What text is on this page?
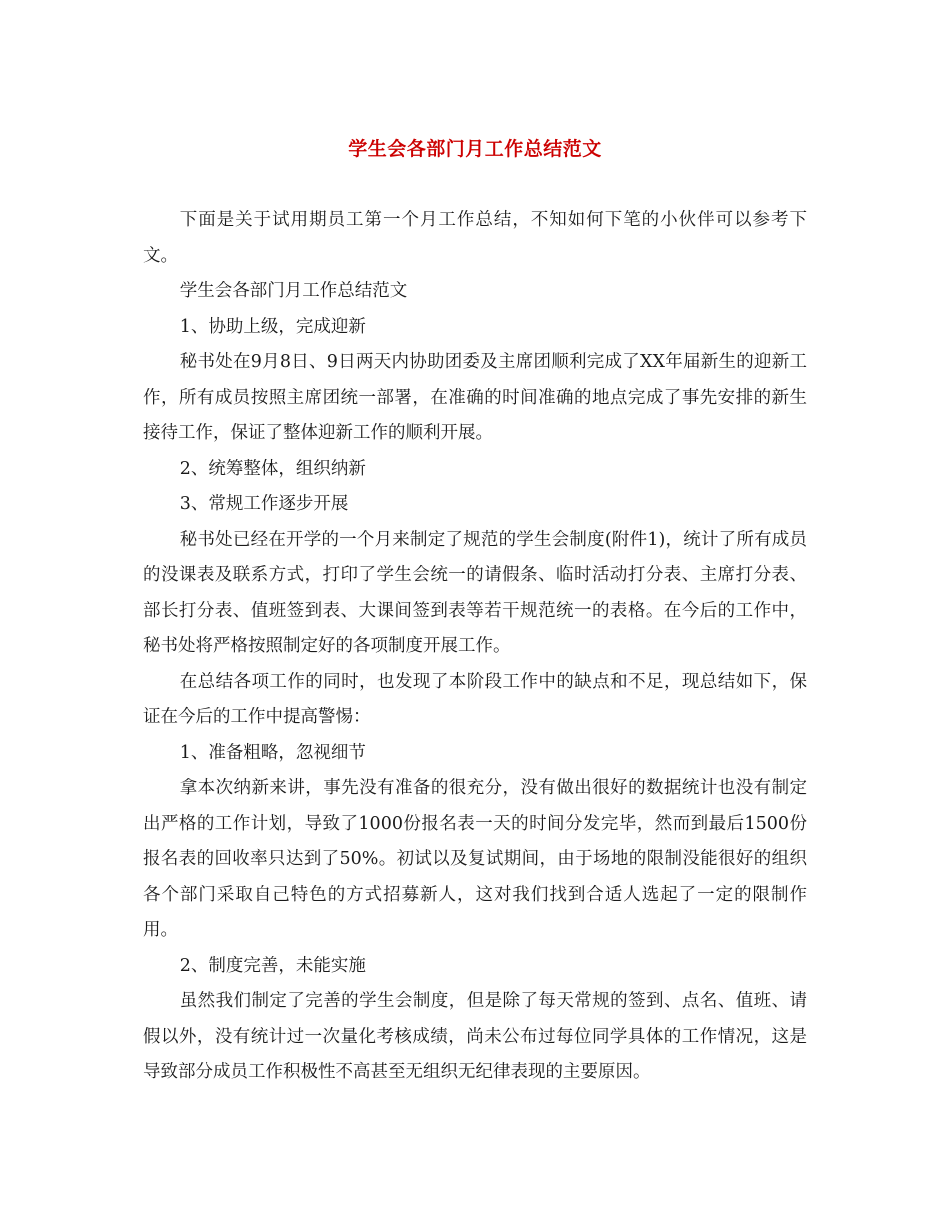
学生会各部门月工作总结范文

下面是关于试用期员工第一个月工作总结，不知如何下笔的小伙伴可以参考下文。

学生会各部门月工作总结范文

1、协助上级，完成迎新

秘书处在9月8日、9日两天内协助团委及主席团顺利完成了XX年届新生的迎新工作，所有成员按照主席团统一部署，在准确的时间准确的地点完成了事先安排的新生接待工作，保证了整体迎新工作的顺利开展。

2、统筹整体，组织纳新

3、常规工作逐步开展

秘书处已经在开学的一个月来制定了规范的学生会制度(附件1)，统计了所有成员的没课表及联系方式，打印了学生会统一的请假条、临时活动打分表、主席打分表、部长打分表、值班签到表、大课间签到表等若干规范统一的表格。在今后的工作中，秘书处将严格按照制定好的各项制度开展工作。

在总结各项工作的同时，也发现了本阶段工作中的缺点和不足，现总结如下，保证在今后的工作中提高警惕：

1、准备粗略，忽视细节

拿本次纳新来讲，事先没有准备的很充分，没有做出很好的数据统计也没有制定出严格的工作计划，导致了1000份报名表一天的时间分发完毕，然而到最后1500份报名表的回收率只达到了50%。初试以及复试期间，由于场地的限制没能很好的组织各个部门采取自己特色的方式招募新人，这对我们找到合适人选起了一定的限制作用。

2、制度完善，未能实施

虽然我们制定了完善的学生会制度，但是除了每天常规的签到、点名、值班、请假以外，没有统计过一次量化考核成绩，尚未公布过每位同学具体的工作情况，这是导致部分成员工作积极性不高甚至无组织无纪律表现的主要原因。
